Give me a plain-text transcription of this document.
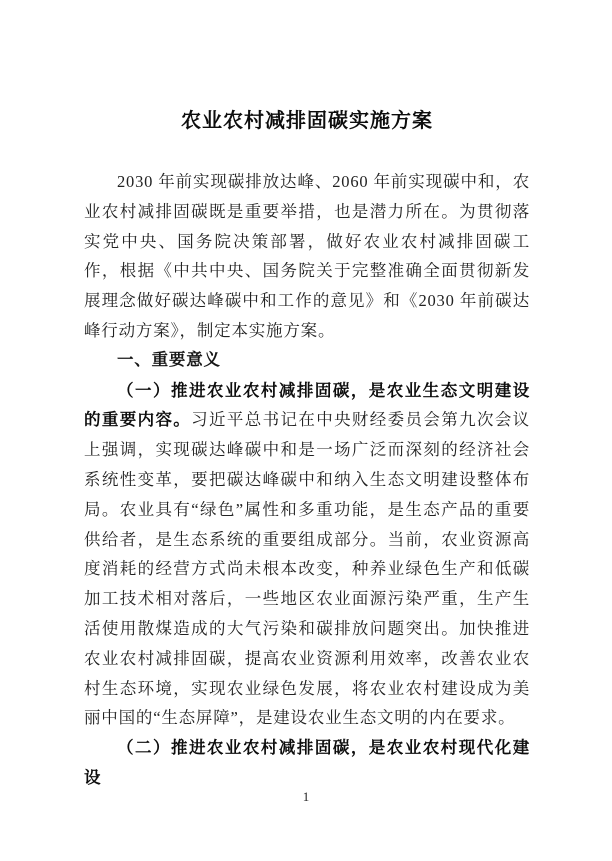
农业农村减排固碳实施方案

2030 年前实现碳排放达峰、2060 年前实现碳中和，农业农村减排固碳既是重要举措，也是潜力所在。为贯彻落实党中央、国务院决策部署，做好农业农村减排固碳工作，根据《中共中央、国务院关于完整准确全面贯彻新发展理念做好碳达峰碳中和工作的意见》和《2030 年前碳达峰行动方案》，制定本实施方案。

一、重要意义

（一）推进农业农村减排固碳，是农业生态文明建设的重要内容。习近平总书记在中央财经委员会第九次会议上强调，实现碳达峰碳中和是一场广泛而深刻的经济社会系统性变革，要把碳达峰碳中和纳入生态文明建设整体布局。农业具有“绿色”属性和多重功能，是生态产品的重要供给者，是生态系统的重要组成部分。当前，农业资源高度消耗的经营方式尚未根本改变，种养业绿色生产和低碳加工技术相对落后，一些地区农业面源污染严重，生产生活使用散煤造成的大气污染和碳排放问题突出。加快推进农业农村减排固碳，提高农业资源利用效率，改善农业农村生态环境，实现农业绿色发展，将农业农村建设成为美丽中国的“生态屏障”，是建设农业生态文明的内在要求。

（二）推进农业农村减排固碳，是农业农村现代化建设

1
